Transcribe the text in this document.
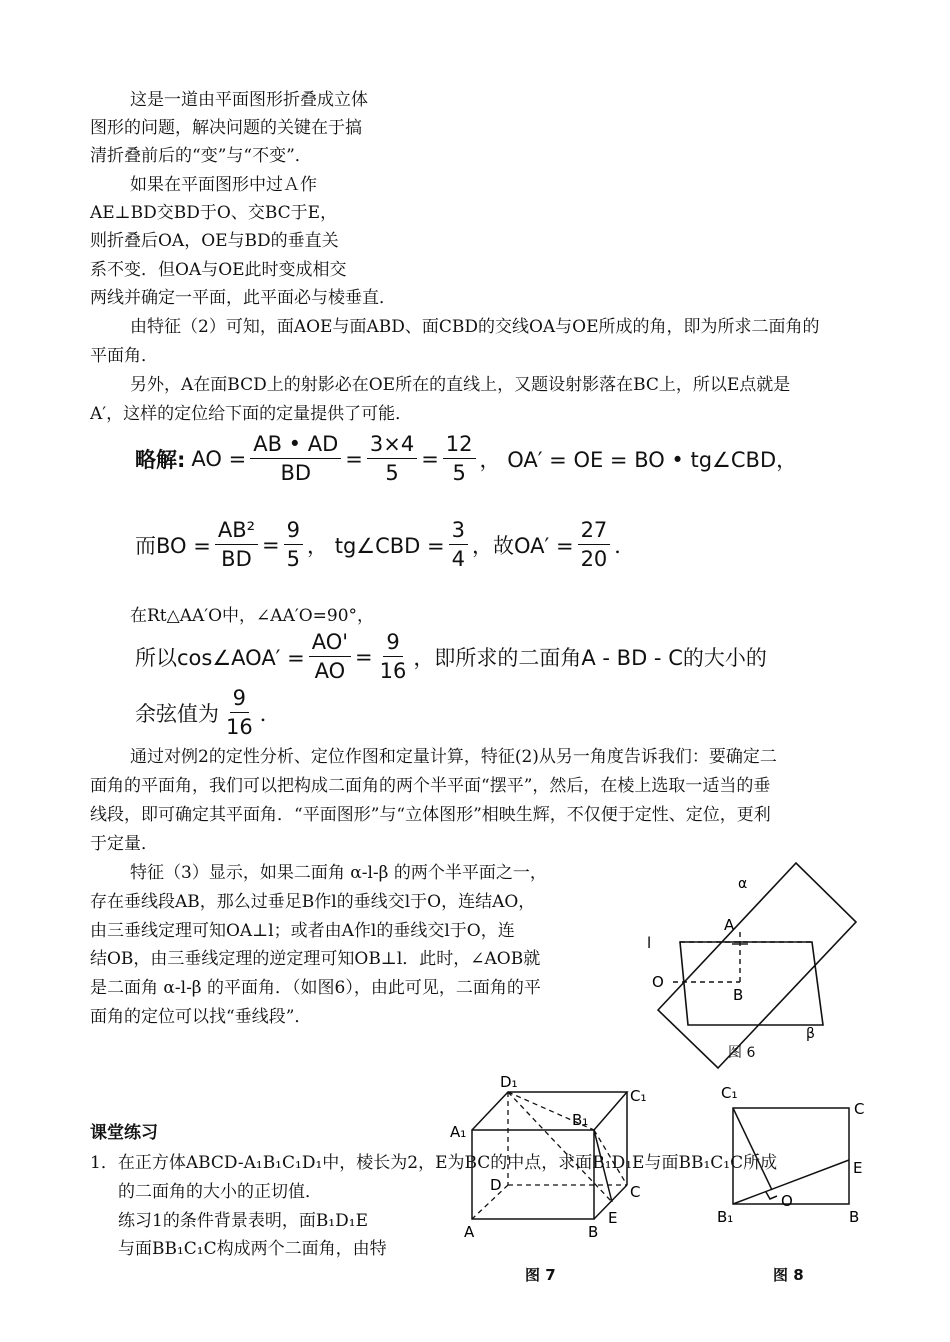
这是一道由平面图形折叠成立体
图形的问题，解决问题的关键在于搞
清折叠前后的“变”与“不变”．
如果在平面图形中过Ａ作
AE⊥BD交BD于O、交BC于E，
则折叠后OA，OE与BD的垂直关
系不变．但OA与OE此时变成相交
两线并确定一平面，此平面必与棱垂直．
由特征（2）可知，面AOE与面ABD、面CBD的交线OA与OE所成的角，即为所求二面角的
平面角．
另外，A在面BCD上的射影必在OE所在的直线上，又题设射影落在BC上，所以E点就是
A′，这样的定位给下面的定量提供了可能．
略解: AO = $\frac{AB • AD}{BD} = \frac{3\times 4}{5} = \frac{12}{5}$ ， OA′ = OE = BO • tg∠CBD，
而BO = $\frac{\text{AB²}}{BD} = \frac{9}{5}$ ， tg∠CBD = $\frac{3}{4}$ ，故$OA' = \frac{27}{20}$ ．
在Rt△AA′O中，∠AA′O=90°，
所以cos∠AOA′ = $\frac{AO'}{AO} = \frac{9}{16}$ ，即所求的二面角A - BD - C的大小的
余弦值为 $\frac{9}{16}$ ．
通过对例2的定性分析、定位作图和定量计算，特征(2)从另一角度告诉我们：要确定二
面角的平面角，我们可以把构成二面角的两个半平面“摆平”，然后，在棱上选取一适当的垂
线段，即可确定其平面角．“平面图形”与“立体图形”相映生辉，不仅便于定性、定位，更利
于定量．
特征（3）显示，如果二面角 α-l-β 的两个半平面之一，
存在垂线段AB，那么过垂足B作l的垂线交l于O，连结AO，
由三垂线定理可知OA⊥l；或者由A作l的垂线交l于O，连
结OB，由三垂线定理的逆定理可知OB⊥l．此时，∠AOB就
是二面角 α-l-β 的平面角．（如图6），由此可见，二面角的平
面角的定位可以找“垂线段”．
α
β
l
A
B
O
图 6
课堂练习
1．在正方体ABCD-A₁B₁C₁D₁中，棱长为2，E为BC的中点，求面B₁D₁E与面BB₁C₁C所成
的二面角的大小的正切值．
练习1的条件背景表明，面B₁D₁E
与面BB₁C₁C构成两个二面角，由特
D₁
C₁
A₁
B₁
D	C
A	B
E
图 7
C₁
C
E
O
B₁	B
图 8
